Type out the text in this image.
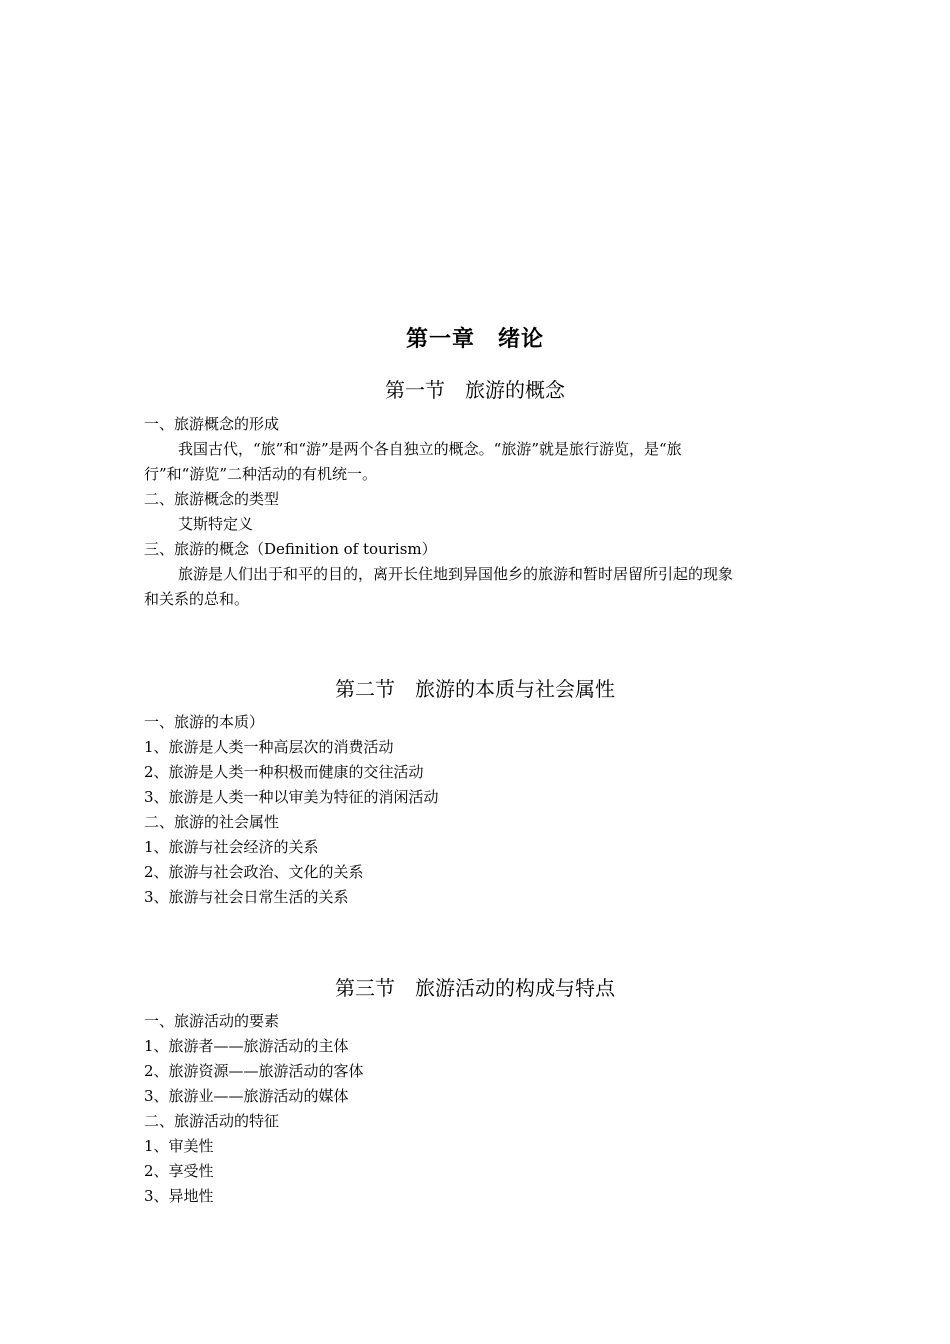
第一章　绪论
第一节　旅游的概念
一、旅游概念的形成
我国古代，“旅”和“游”是两个各自独立的概念。“旅游”就是旅行游览，是“旅
行”和“游览”二种活动的有机统一。
二、旅游概念的类型
艾斯特定义
三、旅游的概念（Definition of tourism）
旅游是人们出于和平的目的，离开长住地到异国他乡的旅游和暂时居留所引起的现象
和关系的总和。
第二节　旅游的本质与社会属性
一、旅游的本质）
1、旅游是人类一种高层次的消费活动
2、旅游是人类一种积极而健康的交往活动
3、旅游是人类一种以审美为特征的消闲活动
二、旅游的社会属性
1、旅游与社会经济的关系
2、旅游与社会政治、文化的关系
3、旅游与社会日常生活的关系
第三节　旅游活动的构成与特点
一、旅游活动的要素
1、旅游者——旅游活动的主体
2、旅游资源——旅游活动的客体
3、旅游业——旅游活动的媒体
二、旅游活动的特征
1、审美性
2、享受性
3、异地性
